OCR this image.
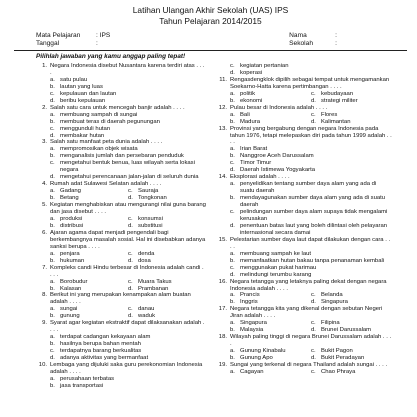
Latihan Ulangan Akhir Sekolah (UAS) IPS
Tahun Pelajaran 2014/2015
Mata Pelajaran	: IPS
Tanggal	:
Nama	:
Sekolah	:
Pilihlah jawaban yang kamu anggap paling tepat!
1. Negara Indonesia disebut Nusantara karena terdiri atas . . . .
a. satu pulau
b. lautan yang luas
c. kepulauan dan lautan
d. beribu kepulauan
2. Salah satu cara untuk mencegah banjir adalah . . . .
a. membuang sampah di sungai
b. membuat teras di daerah pegunungan
c. menggunduli hutan
d. membakar hutan
3. Salah satu manfaat peta dunia adalah . . . .
a. mempromosikan objek wisata
b. menganalisis jumlah dan persebaran penduduk
c. mengetahui bentuk benua, luas wilayah serta lokasi negara
d. mengetahui perencanaan jalan-jalan di seluruh dunia
4. Rumah adat Sulawesi Selatan adalah . . . .
a. Gadang	c. Sauraja
b. Betang	d. Tongkonan
5. Kegiatan menghabiskan atau mengurangi nilai guna barang dan jasa disebut . . . .
a. produksi	c. konsumsi
b. distribusi	d. substitusi
6. Ajaran agama dapat menjadi pengendali bagi berkembangnya masalah sosial. Hal ini disebabkan adanya sanksi berupa . . . .
a. penjara	c. denda
b. hukuman	d. dosa
7. Kompleks candi Hindu terbesar di Indonesia adalah candi . . . .
a. Borobudur	c. Muara Takus
b. Kalasan	d. Prambanan
8. Berikut ini yang merupakan kenampakan alam buatan adalah . . . .
a. sungai	c. danau
b. gunung	d. waduk
9. Syarat agar kegiatan ekstraktif dapat dilaksanakan adalah . . . .
a. terdapat cadangan kekayaan alam
b. hasilnya berupa bahan mentah
c. terdapatnya barang berkualitas
d. adanya aktivitas yang bermanfaat
10. Lembaga yang dijuluki saka guru perekonomian Indonesia adalah . . . .
a. perusahaan terbatas
b. jasa transportasi
c. kegiatan pertanian
d. koperasi
11. Rengasdengklok dipilih sebagai tempat untuk mengamankan Soekarno-Hatta karena pertimbangan . . . .
a. politik	c. kebudayaan
b. ekonomi	d. strategi militer
12. Pulau besar di Indonesia adalah . . . .
a. Bali	c. Flores
b. Madura	d. Kalimantan
13. Provinsi yang bergabung dengan negara Indonesia pada tahun 1976, tetapi melepaskan diri pada tahun 1999 adalah . . . .
a. Irian Barat
b. Nanggroe Aceh Darussalam
c. Timor Timur
d. Daerah Istimewa Yogyakarta
14. Eksplorasi adalah . . . .
a. penyelidikan tentang sumber daya alam yang ada di suatu daerah
b. mendayagunakan sumber daya alam yang ada di suatu daerah
c. pelindungan sumber daya alam supaya tidak mengalami kerusakan
d. penentuan batas laut yang boleh dilintasi oleh pelayaran internasional secara damai
15. Pelestarian sumber daya laut dapat dilakukan dengan cara . . . .
a. membuang sampah ke laut
b. memanfaatkan hutan bakau tanpa penanaman kembali
c. menggunakan pukat harimau
d. melindungi terumbu karang
16. Negara tetangga yang letaknya paling dekat dengan negara Indonesia adalah . . . .
a. Prancis	c. Belanda
b. Inggris	d. Singapura
17. Negara tetangga kita yang dikenal dengan sebutan Negeri Jiran adalah . . . .
a. Singapura	c. Filipina
b. Malaysia	d. Brunei Darussalam
18. Wilayah paling tinggi di negara Brunei Darussalam adalah . . . .
a. Gunung Kinabalu	c. Bukit Pagon
b. Gunung Apo	d. Bukit Peradayan
19. Sungai yang terkenal di negara Thailand adalah sungai . . . .
a. Cagayan	c. Chao Phraya
